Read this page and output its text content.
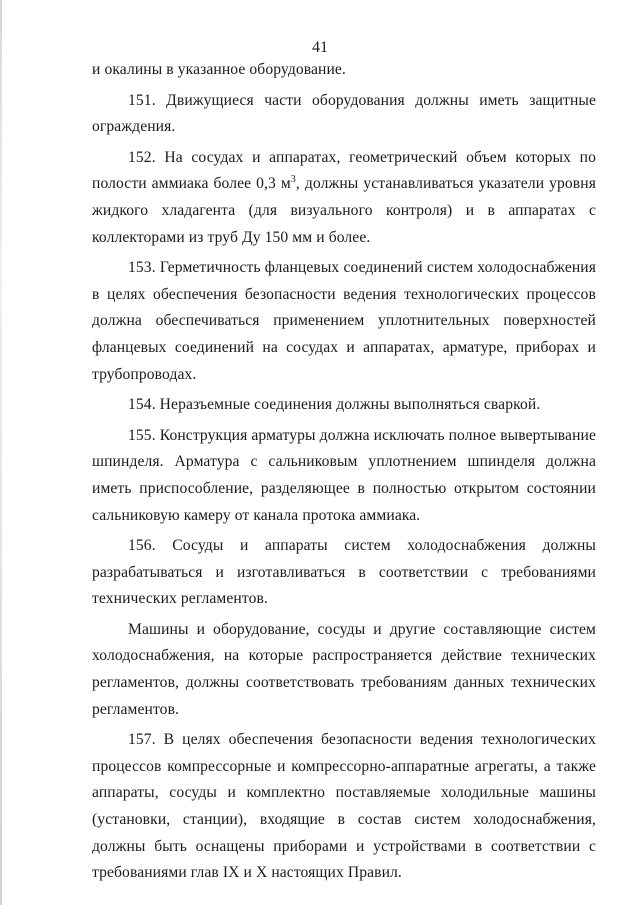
41

и окалины в указанное оборудование.

151. Движущиеся части оборудования должны иметь защитные ограждения.

152. На сосудах и аппаратах, геометрический объем которых по полости аммиака более 0,3 $м^3$, должны устанавливаться указатели уровня жидкого хладагента (для визуального контроля) и в аппаратах с коллекторами из труб Ду 150 мм и более.

153. Герметичность фланцевых соединений систем холодоснабжения в целях обеспечения безопасности ведения технологических процессов должна обеспечиваться применением уплотнительных поверхностей фланцевых соединений на сосудах и аппаратах, арматуре, приборах и трубопроводах.

154. Неразъемные соединения должны выполняться сваркой.

155. Конструкция арматуры должна исключать полное вывертывание шпинделя. Арматура с сальниковым уплотнением шпинделя должна иметь приспособление, разделяющее в полностью открытом состоянии сальниковую камеру от канала протока аммиака.

156. Сосуды и аппараты систем холодоснабжения должны разрабатываться и изготавливаться в соответствии с требованиями технических регламентов.

Машины и оборудование, сосуды и другие составляющие систем холодоснабжения, на которые распространяется действие технических регламентов, должны соответствовать требованиям данных технических регламентов.

157. В целях обеспечения безопасности ведения технологических процессов компрессорные и компрессорно-аппаратные агрегаты, а также аппараты, сосуды и комплектно поставляемые холодильные машины (установки, станции), входящие в состав систем холодоснабжения, должны быть оснащены приборами и устройствами в соответствии с требованиями глав IX и X настоящих Правил.
